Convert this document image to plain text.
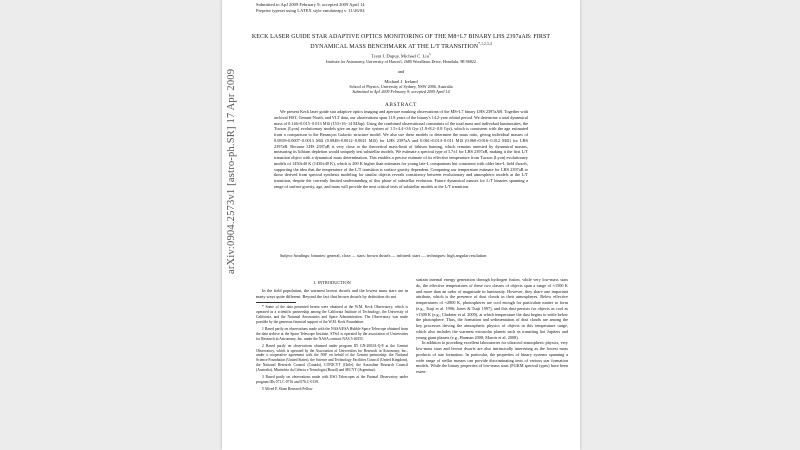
arXiv:0904.2573v1 [astro-ph.SR] 17 Apr 2009
Submitted to ApJ 2009 February 9; accepted 2009 April 14
Preprint typeset using LATEX style emulateapj v. 11/26/04
KECK LASER GUIDE STAR ADAPTIVE OPTICS MONITORING OF THE M8+L7 BINARY LHS 2397aAB: FIRST DYNAMICAL MASS BENCHMARK AT THE L/T $TRANSITION^{*,1,2,3,4}$
Trent J. Dupuy, Michael C. Liu$^5$
Institute for Astronomy, University of Hawai'i, 2680 Woodlawn Drive, Honolulu, HI 96822
and
Michael J. Ireland
School of Physics, University of Sydney, NSW 2006, Australia
Submitted to ApJ 2009 February 9; accepted 2009 April 14
ABSTRACT
We present Keck laser guide star adaptive optics imaging and aperture masking observations of the M8+L7 binary LHS 2397aAB. Together with archival HST, Gemini-North, and VLT data, our observations span 11.8 years of the binary's 14.2-year orbital period. We determine a total dynamical mass of 0.146+0.015−0.013 M⊙ (153+16−14 MJup). Using the combined observational constraints of the total mass and individual luminosities, the Tucson (Lyon) evolutionary models give an age for the system of 1.5+4.4−0.6 Gyr (1.8+8.2−0.8 Gyr), which is consistent with the age estimated from a comparison to the Besançon Galactic structure model. We also use these models to determine the mass ratio, giving individual masses of 0.0839+0.0007−0.0013 M⊙ (0.0848+0.0012−0.0021 M⊙) for LHS 2397aA and 0.061+0.014−0.011 M⊙ (0.060+0.016−0.012 M⊙) for LHS 2397aB. Because LHS 2397aB is very close to the theoretical mass-limit of lithium burning, which remains untested by dynamical masses, measuring its lithium depletion would uniquely test substellar models. We estimate a spectral type of L7±1 for LHS 2397aB, making it the first L/T transition object with a dynamical mass determination. This enables a precise estimate of its effective temperature from Tucson (Lyon) evolutionary models of 1450±40 K (1430±40 K), which is 200 K higher than estimates for young late-L companions but consistent with older late-L field dwarfs, supporting the idea that the temperature of the L/T transition is surface gravity dependent. Comparing our temperature estimate for LHS 2397aB to those derived from spectral synthesis modeling for similar objects reveals consistency between evolutionary and atmospheric models at the L/T transition, despite the currently limited understanding of this phase of substellar evolution. Future dynamical masses for L/T binaries spanning a range of surface gravity, age, and mass will provide the next critical tests of substellar models at the L/T transition.
Subject headings: binaries: general, close — stars: brown dwarfs — infrared: stars — techniques: high angular resolution
1. INTRODUCTION

In the field population, the warmest brown dwarfs and the lowest mass stars are in many ways quite different. Beyond the fact that brown dwarfs by definition do not

* Some of the data presented herein were obtained at the W.M. Keck Observatory, which is operated as a scientific partnership among the California Institute of Technology, the University of California, and the National Aeronautics and Space Administration. The Observatory was made possible by the generous financial support of the W.M. Keck Foundation.
1 Based partly on observations made with the NASA/ESA Hubble Space Telescope obtained from the data archive at the Space Telescope Institute. STScI is operated by the association of Universities for Research in Astronomy, Inc. under the NASA contract NAS 5-26555.
2 Based partly on observations obtained under program ID GN-2003A-Q-8 at the Gemini Observatory, which is operated by the Association of Universities for Research in Astronomy, Inc., under a cooperative agreement with the NSF on behalf of the Gemini partnership: the National Science Foundation (United States), the Science and Technology Facilities Council (United Kingdom), the National Research Council (Canada), CONICYT (Chile), the Australian Research Council (Australia), Ministério da Ciência e Tecnologia (Brazil) and SECYT (Argentina).
3 Based partly on observations made with ESO Telescopes at the Paranal Observatory under program IDs 071.C-0716 and 076.C-0139.
5 Alfred P. Sloan Research Fellow

sustain internal energy generation through hydrogen fusion, while very low-mass stars do, the effective temperatures of these two classes of objects span a range of ≈1500 K and more than an order of magnitude in luminosity. However, they share one important attribute, which is the presence of dust clouds in their atmospheres. Below effective temperatures of ≈2800 K, photospheres are cool enough for particulate matter to form (e.g., Tsuji et al. 1996; Jones & Tsuji 1997), and this dust persists for objects as cool as ≈1300 K (e.g., Chabrier et al. 2000), at which temperature the dust begins to settle below the photosphere. Thus, the formation and sedimentation of dust clouds are among the key processes driving the atmospheric physics of objects in this temperature range, which also includes the warmest extrasolar planets such as transiting hot Jupiters and young giant planets (e.g., Barman 2008; Marois et al. 2008).

In addition to providing excellent laboratories for ultracool atmospheric physics, very low-mass stars and brown dwarfs are also intrinsically interesting as the lowest mass products of star formation. In particular, the properties of binary systems spanning a wide range of stellar masses can provide discriminating tests of various star formation models. While the binary properties of low-mass stars (FGKM spectral types) have been exten-
